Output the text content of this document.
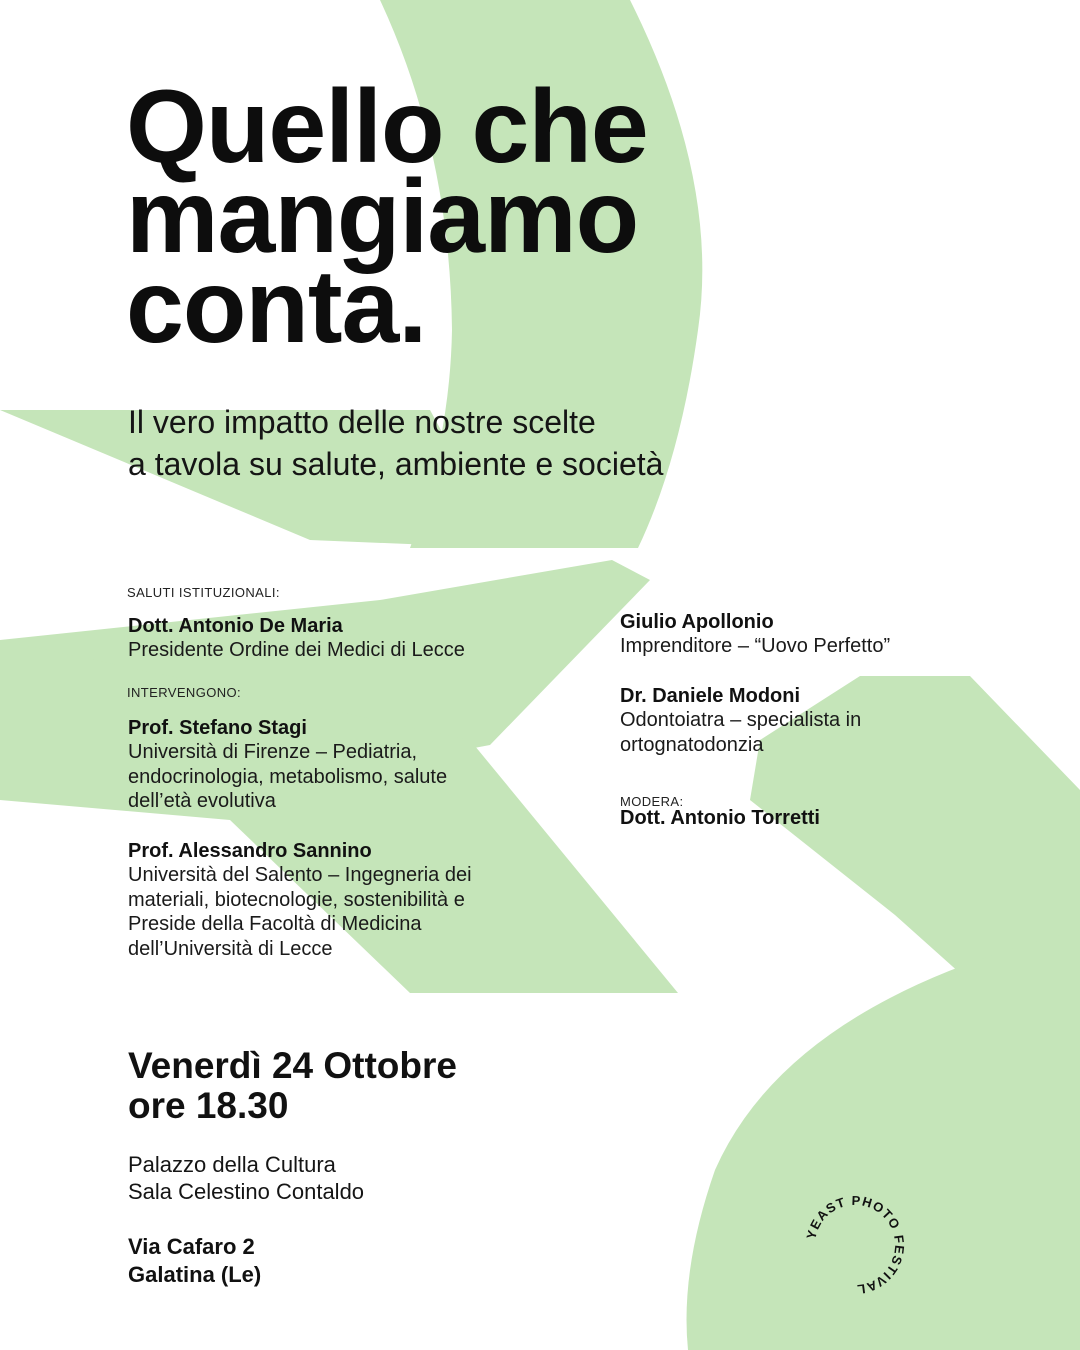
Quello che
mangiamo
conta.

Il vero impatto delle nostre scelte
a tavola su salute, ambiente e società

SALUTI ISTITUZIONALI:
Dott. Antonio De Maria
Presidente Ordine dei Medici di Lecce
INTERVENGONO:
Prof. Stefano Stagi
Università di Firenze – Pediatria,
endocrinologia, metabolismo, salute
dell’età evolutiva
Prof. Alessandro Sannino
Università del Salento – Ingegneria dei
materiali, biotecnologie, sostenibilità e
Preside della Facoltà di Medicina
dell’Università di Lecce
Giulio Apollonio
Imprenditore – “Uovo Perfetto”
Dr. Daniele Modoni
Odontoiatra – specialista in
ortognatodonzia
MODERA:
Dott. Antonio Torretti
Venerdì 24 Ottobre
ore 18.30
Palazzo della Cultura
Sala Celestino Contaldo
Via Cafaro 2
Galatina (Le)
YEAST PHOTO FESTIVAL
